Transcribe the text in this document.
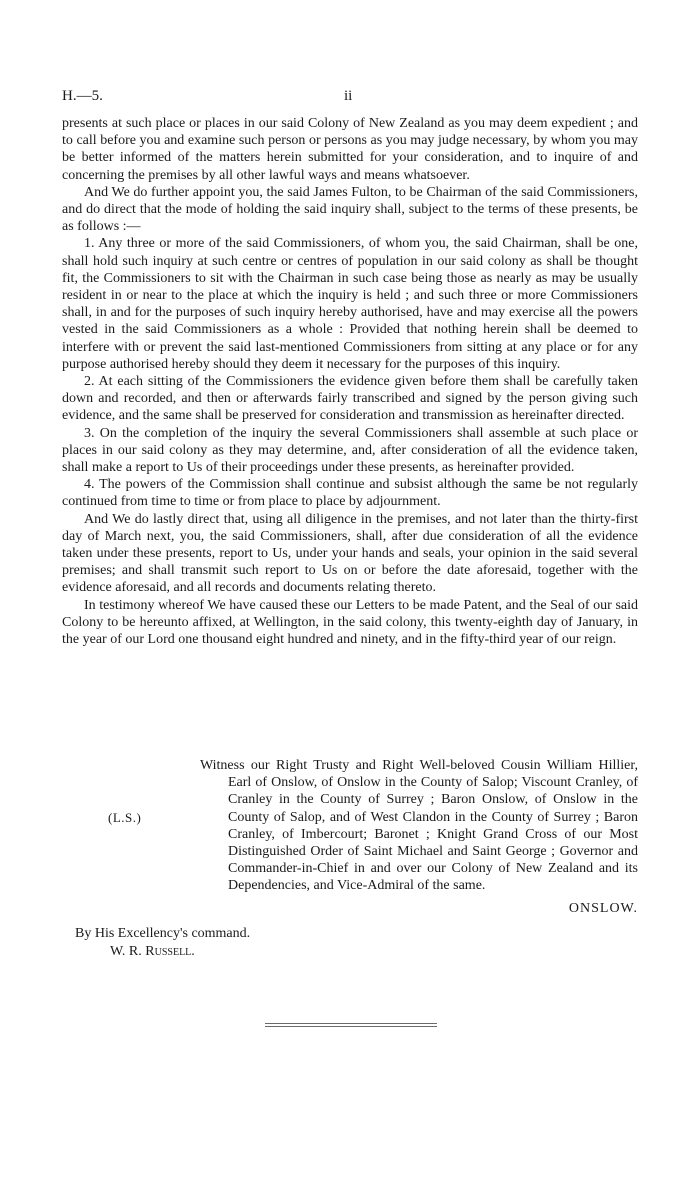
H.—5.	ii

presents at such place or places in our said Colony of New Zealand as you may deem expedient ; and to call before you and examine such person or persons as you may judge necessary, by whom you may be better informed of the matters herein submitted for your consideration, and to inquire of and concerning the premises by all other lawful ways and means whatsoever.

And We do further appoint you, the said James Fulton, to be Chairman of the said Commissioners, and do direct that the mode of holding the said inquiry shall, subject to the terms of these presents, be as follows :—

1. Any three or more of the said Commissioners, of whom you, the said Chairman, shall be one, shall hold such inquiry at such centre or centres of population in our said colony as shall be thought fit, the Commissioners to sit with the Chairman in such case being those as nearly as may be usually resident in or near to the place at which the inquiry is held ; and such three or more Commissioners shall, in and for the purposes of such inquiry hereby authorised, have and may exercise all the powers vested in the said Commissioners as a whole : Provided that nothing herein shall be deemed to interfere with or prevent the said last-mentioned Commissioners from sitting at any place or for any purpose authorised hereby should they deem it necessary for the purposes of this inquiry.

2. At each sitting of the Commissioners the evidence given before them shall be carefully taken down and recorded, and then or afterwards fairly transcribed and signed by the person giving such evidence, and the same shall be preserved for consideration and transmission as hereinafter directed.

3. On the completion of the inquiry the several Commissioners shall assemble at such place or places in our said colony as they may determine, and, after consideration of all the evidence taken, shall make a report to Us of their proceedings under these presents, as hereinafter provided.

4. The powers of the Commission shall continue and subsist although the same be not regularly continued from time to time or from place to place by adjournment.

And We do lastly direct that, using all diligence in the premises, and not later than the thirty-first day of March next, you, the said Commissioners, shall, after due consideration of all the evidence taken under these presents, report to Us, under your hands and seals, your opinion in the said several premises; and shall transmit such report to Us on or before the date aforesaid, together with the evidence aforesaid, and all records and documents relating thereto.

In testimony whereof We have caused these our Letters to be made Patent, and the Seal of our said Colony to be hereunto affixed, at Wellington, in the said colony, this twenty-eighth day of January, in the year of our Lord one thousand eight hundred and ninety, and in the fifty-third year of our reign.

(L.S.)
Witness our Right Trusty and Right Well-beloved Cousin William Hillier, Earl of Onslow, of Onslow in the County of Salop; Viscount Cranley, of Cranley in the County of Surrey ; Baron Onslow, of Onslow in the County of Salop, and of West Clandon in the County of Surrey ; Baron Cranley, of Imbercourt; Baronet ; Knight Grand Cross of our Most Distinguished Order of Saint Michael and Saint George ; Governor and Commander-in-Chief in and over our Colony of New Zealand and its Dependencies, and Vice-Admiral of the same.
ONSLOW.
By His Excellency's command.
W. R. Russell.
